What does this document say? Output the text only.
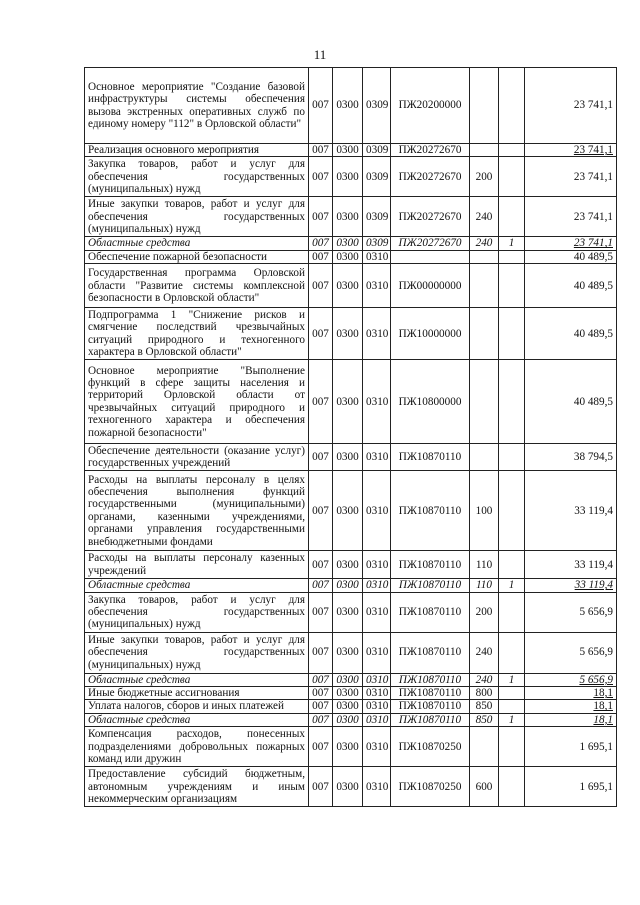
11
Основное мероприятие "Создание базовой инфраструктуры системы обеспечения вызова экстренных оперативных служб по единому номеру "112" в Орловской области"	007	0300	0309	ПЖ20200000			23 741,1
Реализация основного мероприятия	007	0300	0309	ПЖ20272670			23 741,1
Закупка товаров, работ и услуг для обеспечения государственных (муниципальных) нужд	007	0300	0309	ПЖ20272670	200		23 741,1
Иные закупки товаров, работ и услуг для обеспечения государственных (муниципальных) нужд	007	0300	0309	ПЖ20272670	240		23 741,1
Областные средства	007	0300	0309	ПЖ20272670	240	1	23 741,1
Обеспечение пожарной безопасности	007	0300	0310				40 489,5
Государственная программа Орловской области "Развитие системы комплексной безопасности в Орловской области"	007	0300	0310	ПЖ00000000			40 489,5
Подпрограмма 1 "Снижение рисков и смягчение последствий чрезвычайных ситуаций природного и техногенного характера в Орловской области"	007	0300	0310	ПЖ10000000			40 489,5
Основное мероприятие "Выполнение функций в сфере защиты населения и территорий Орловской области от чрезвычайных ситуаций природного и техногенного характера и обеспечения пожарной безопасности"	007	0300	0310	ПЖ10800000			40 489,5
Обеспечение деятельности (оказание услуг) государственных учреждений	007	0300	0310	ПЖ10870110			38 794,5
Расходы на выплаты персоналу в целях обеспечения выполнения функций государственными (муниципальными) органами, казенными учреждениями, органами управления государственными внебюджетными фондами	007	0300	0310	ПЖ10870110	100		33 119,4
Расходы на выплаты персоналу казенных учреждений	007	0300	0310	ПЖ10870110	110		33 119,4
Областные средства	007	0300	0310	ПЖ10870110	110	1	33 119,4
Закупка товаров, работ и услуг для обеспечения государственных (муниципальных) нужд	007	0300	0310	ПЖ10870110	200		5 656,9
Иные закупки товаров, работ и услуг для обеспечения государственных (муниципальных) нужд	007	0300	0310	ПЖ10870110	240		5 656,9
Областные средства	007	0300	0310	ПЖ10870110	240	1	5 656,9
Иные бюджетные ассигнования	007	0300	0310	ПЖ10870110	800		18,1
Уплата налогов, сборов и иных платежей	007	0300	0310	ПЖ10870110	850		18,1
Областные средства	007	0300	0310	ПЖ10870110	850	1	18,1
Компенсация расходов, понесенных подразделениями добровольных пожарных команд или дружин	007	0300	0310	ПЖ10870250			1 695,1
Предоставление субсидий бюджетным, автономным учреждениям и иным некоммерческим организациям	007	0300	0310	ПЖ10870250	600		1 695,1
